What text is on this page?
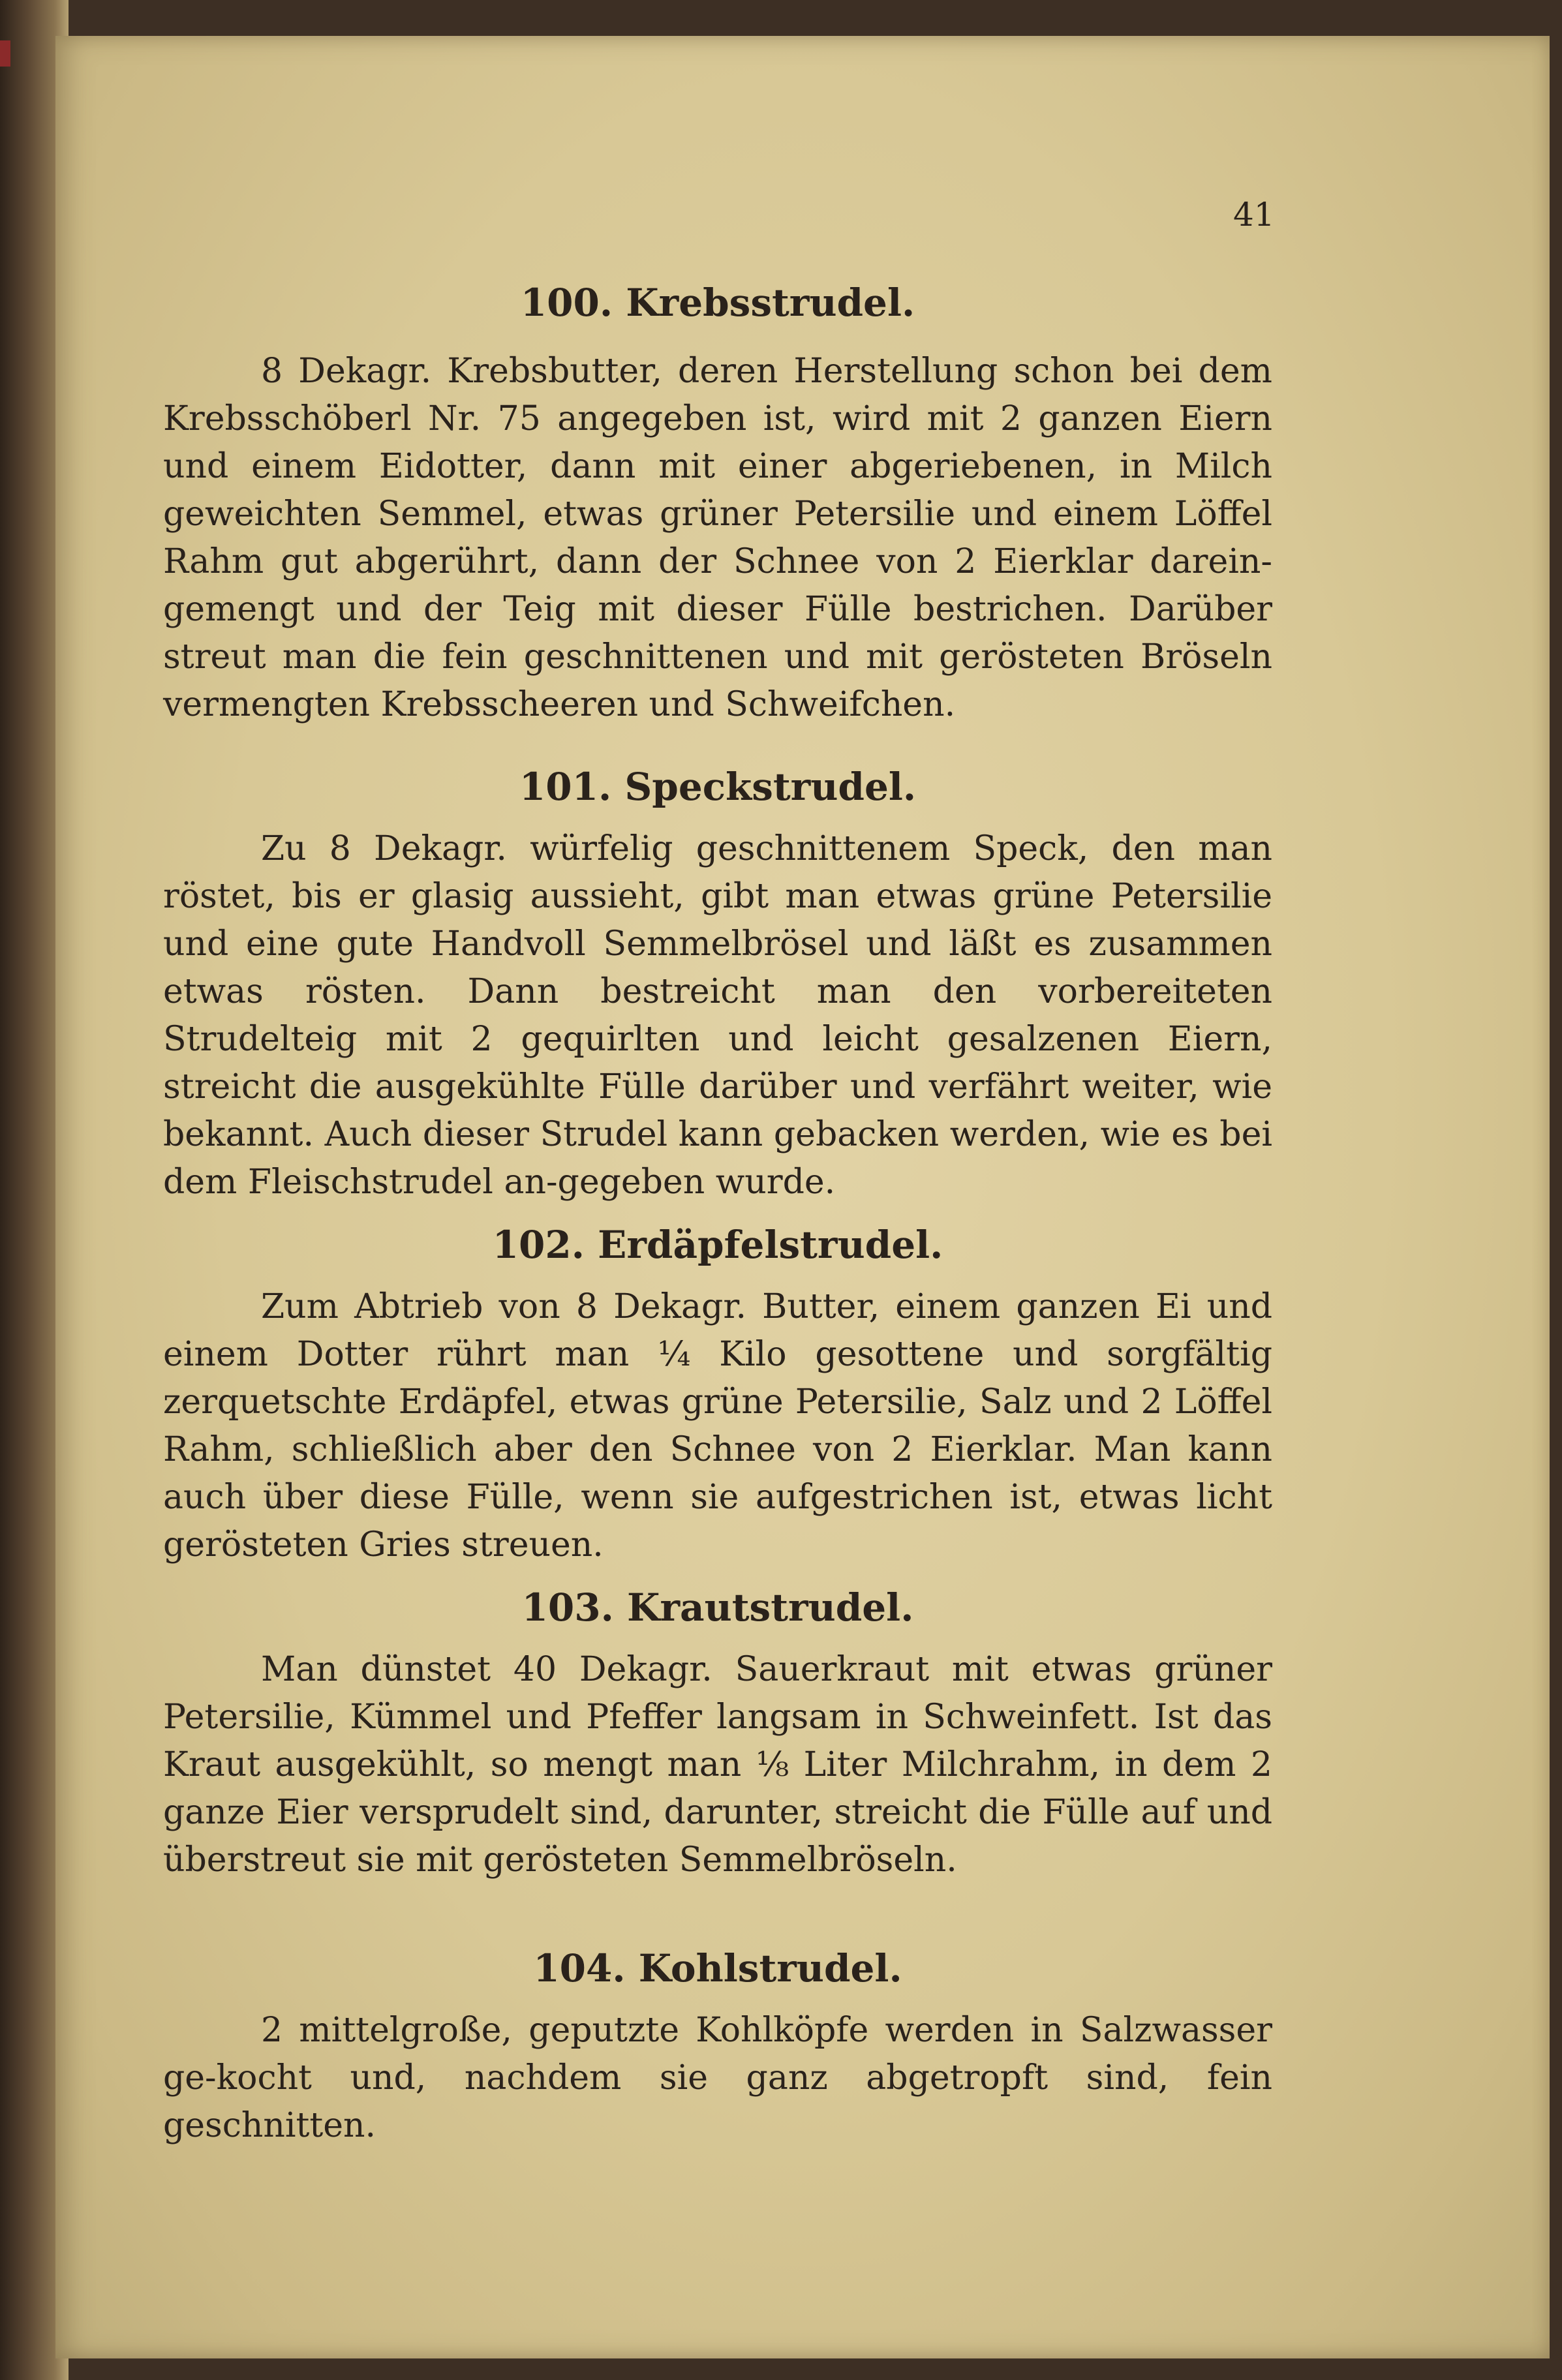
41
100. Krebsstrudel.

8 Dekagr. Krebsbutter, deren Herstellung schon bei dem Krebsschöberl Nr. 75 angegeben ist, wird mit 2 ganzen Eiern und einem Eidotter, dann mit einer abgeriebenen, in Milch geweichten Semmel, etwas grüner Petersilie und einem Löffel Rahm gut abgerührt, dann der Schnee von 2 Eierklar darein-gemengt und der Teig mit dieser Fülle bestrichen. Darüber streut man die fein geschnittenen und mit gerösteten Bröseln vermengten Krebsscheeren und Schweifchen.

101. Speckstrudel.

Zu 8 Dekagr. würfelig geschnittenem Speck, den man röstet, bis er glasig aussieht, gibt man etwas grüne Petersilie und eine gute Handvoll Semmelbrösel und läßt es zusammen etwas rösten. Dann bestreicht man den vorbereiteten Strudelteig mit 2 gequirlten und leicht gesalzenen Eiern, streicht die ausgekühlte Fülle darüber und verfährt weiter, wie bekannt. Auch dieser Strudel kann gebacken werden, wie es bei dem Fleischstrudel an-gegeben wurde.

102. Erdäpfelstrudel.

Zum Abtrieb von 8 Dekagr. Butter, einem ganzen Ei und einem Dotter rührt man ¼ Kilo gesottene und sorgfältig zerquetschte Erdäpfel, etwas grüne Petersilie, Salz und 2 Löffel Rahm, schließlich aber den Schnee von 2 Eierklar. Man kann auch über diese Fülle, wenn sie aufgestrichen ist, etwas licht gerösteten Gries streuen.

103. Krautstrudel.

Man dünstet 40 Dekagr. Sauerkraut mit etwas grüner Petersilie, Kümmel und Pfeffer langsam in Schweinfett. Ist das Kraut ausgekühlt, so mengt man ⅛ Liter Milchrahm, in dem 2 ganze Eier versprudelt sind, darunter, streicht die Fülle auf und überstreut sie mit gerösteten Semmelbröseln.

104. Kohlstrudel.

2 mittelgroße, geputzte Kohlköpfe werden in Salzwasser ge-kocht und, nachdem sie ganz abgetropft sind, fein geschnitten.
